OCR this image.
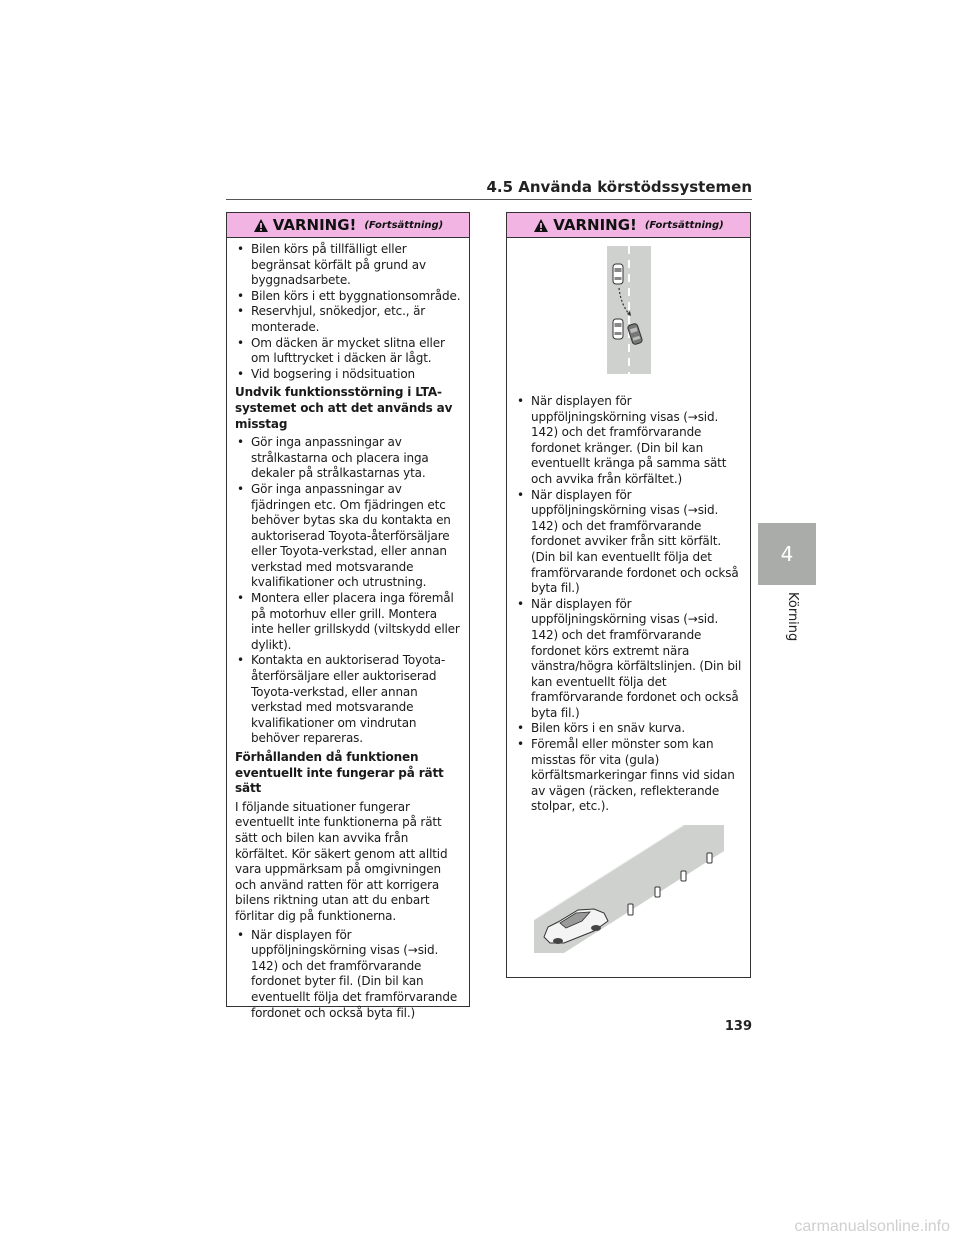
4.5 Använda körstödssystemen
VARNING! (Fortsättning)
• Bilen körs på tillfälligt eller begränsat körfält på grund av byggnadsarbete.
• Bilen körs i ett byggnationsområde.
• Reservhjul, snökedjor, etc., är monterade.
• Om däcken är mycket slitna eller om lufttrycket i däcken är lågt.
• Vid bogsering i nödsituation

Undvik funktionsstörning i LTA-systemet och att det används av misstag

• Gör inga anpassningar av strålkastarna och placera inga dekaler på strålkastarnas yta.
• Gör inga anpassningar av fjädringen etc. Om fjädringen etc behöver bytas ska du kontakta en auktoriserad Toyota-återförsäljare eller Toyota-verkstad, eller annan verkstad med motsvarande kvalifikationer och utrustning.
• Montera eller placera inga föremål på motorhuv eller grill. Montera inte heller grillskydd (viltskydd eller dylikt).
• Kontakta en auktoriserad Toyota-återförsäljare eller auktoriserad Toyota-verkstad, eller annan verkstad med motsvarande kvalifikationer om vindrutan behöver repareras.

Förhållanden då funktionen eventuellt inte fungerar på rätt sätt

I följande situationer fungerar eventuellt inte funktionerna på rätt sätt och bilen kan avvika från körfältet. Kör säkert genom att alltid vara uppmärksam på omgivningen och använd ratten för att korrigera bilens riktning utan att du enbart förlitar dig på funktionerna.

• När displayen för uppföljningskörning visas (→sid. 142) och det framförvarande fordonet byter fil. (Din bil kan eventuellt följa det framförvarande fordonet och också byta fil.)
VARNING! (Fortsättning)
• När displayen för uppföljningskörning visas (→sid. 142) och det framförvarande fordonet kränger. (Din bil kan eventuellt kränga på samma sätt och avvika från körfältet.)
• När displayen för uppföljningskörning visas (→sid. 142) och det framförvarande fordonet avviker från sitt körfält. (Din bil kan eventuellt följa det framförvarande fordonet och också byta fil.)
• När displayen för uppföljningskörning visas (→sid. 142) och det framförvarande fordonet körs extremt nära vänstra/högra körfältslinjen. (Din bil kan eventuellt följa det framförvarande fordonet och också byta fil.)
• Bilen körs i en snäv kurva.
• Föremål eller mönster som kan misstas för vita (gula) körfältsmarkeringar finns vid sidan av vägen (räcken, reflekterande stolpar, etc.).
4
Körning
139
carmanualsonline.info
